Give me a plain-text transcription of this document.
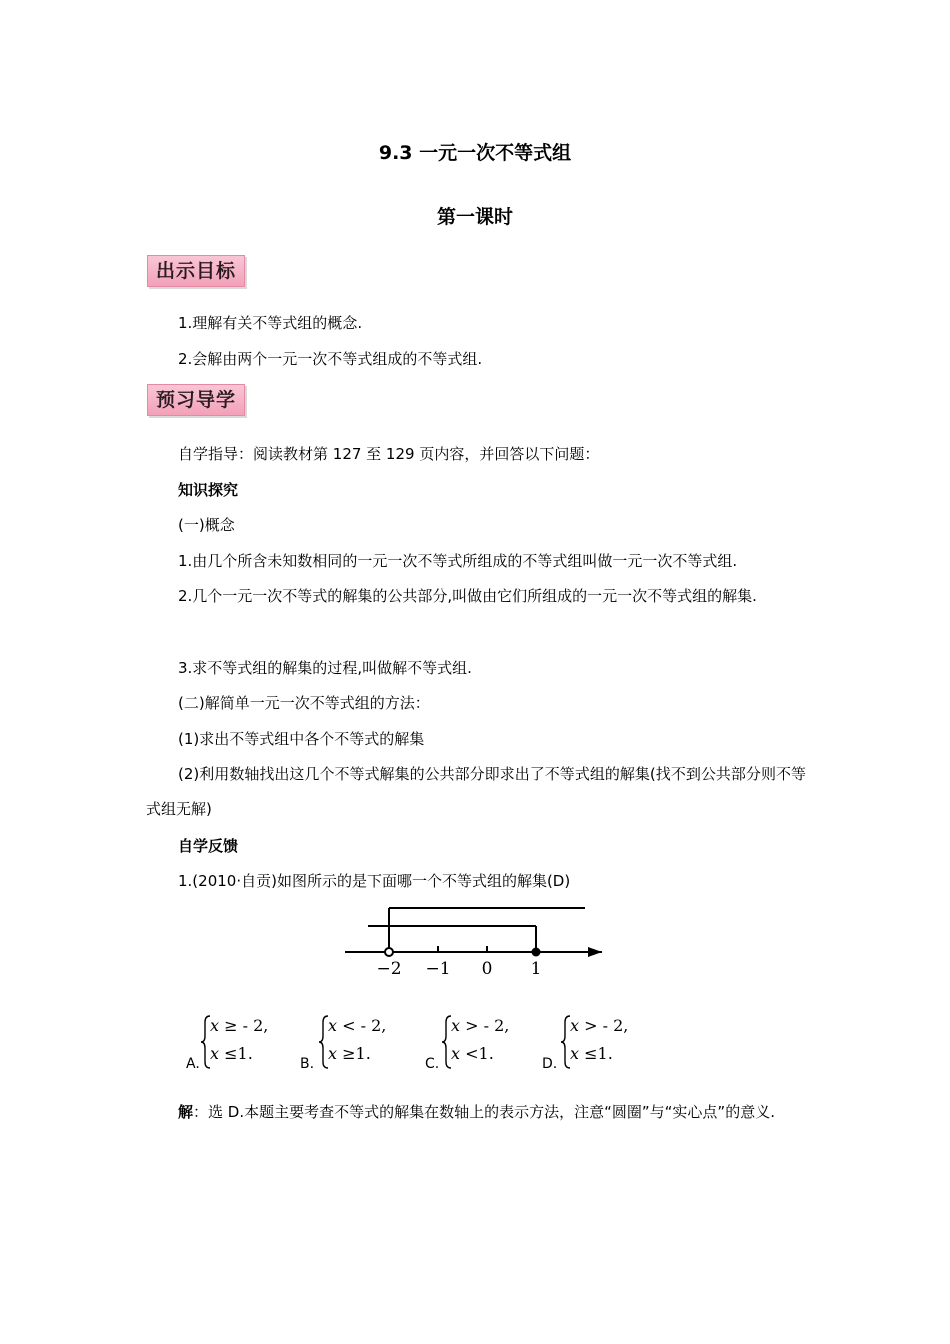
9.3 一元一次不等式组
第一课时
出示目标
1.理解有关不等式组的概念.
2.会解由两个一元一次不等式组成的不等式组.
预习导学
自学指导：阅读教材第 127 至 129 页内容，并回答以下问题：
知识探究
(一)概念
1.由几个所含未知数相同的一元一次不等式所组成的不等式组叫做一元一次不等式组.
2.几个一元一次不等式的解集的公共部分,叫做由它们所组成的一元一次不等式组的解集.
3.求不等式组的解集的过程,叫做解不等式组.
(二)解简单一元一次不等式组的方法：
(1)求出不等式组中各个不等式的解集
(2)利用数轴找出这几个不等式解集的公共部分即求出了不等式组的解集(找不到公共部分则不等式组无解)
自学反馈
1.(2010·自贡)如图所示的是下面哪一个不等式组的解集(D)
−2 −1 0 1
A.
x ≥ - 2,
x ≤1.
B.
x < - 2,
x ≥1.
C.
x > - 2,
x <1.
D.
x > - 2,
x ≤1.
解：选 D.本题主要考查不等式的解集在数轴上的表示方法，注意“圆圈”与“实心点”的意义.
